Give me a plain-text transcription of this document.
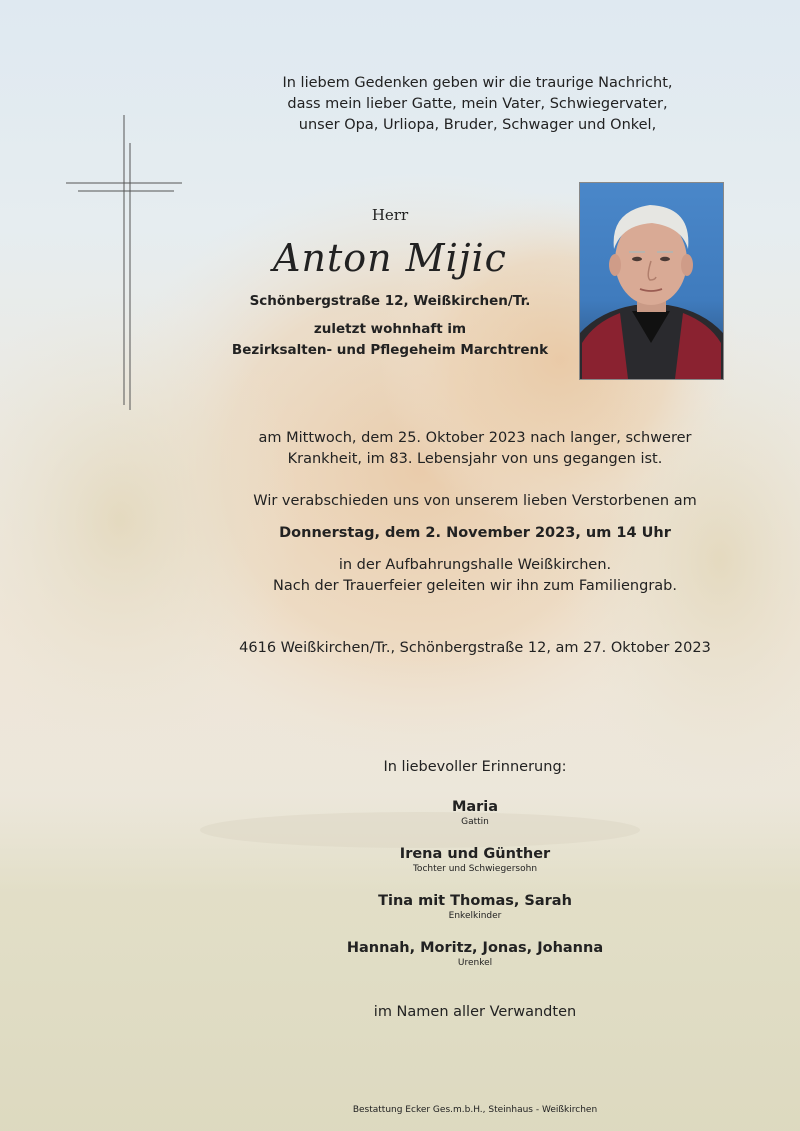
In liebem Gedenken geben wir die traurige Nachricht,
dass mein lieber Gatte, mein Vater, Schwiegervater,
unser Opa, Urliopa, Bruder, Schwager und Onkel,
Herr
Anton Mijic
Schönbergstraße 12, Weißkirchen/Tr.
zuletzt wohnhaft im
Bezirksalten- und Pflegeheim Marchtrenk
am Mittwoch, dem 25. Oktober 2023 nach langer, schwerer
Krankheit, im 83. Lebensjahr von uns gegangen ist.
Wir verabschieden uns von unserem lieben Verstorbenen am
Donnerstag, dem 2. November 2023, um 14 Uhr
in der Aufbahrungshalle Weißkirchen.
Nach der Trauerfeier geleiten wir ihn zum Familiengrab.
4616 Weißkirchen/Tr., Schönbergstraße 12, am 27. Oktober 2023
In liebevoller Erinnerung:
Maria
Gattin
Irena und Günther
Tochter und Schwiegersohn
Tina mit Thomas, Sarah
Enkelkinder
Hannah, Moritz, Jonas, Johanna
Urenkel
im Namen aller Verwandten
Bestattung Ecker Ges.m.b.H., Steinhaus - Weißkirchen
